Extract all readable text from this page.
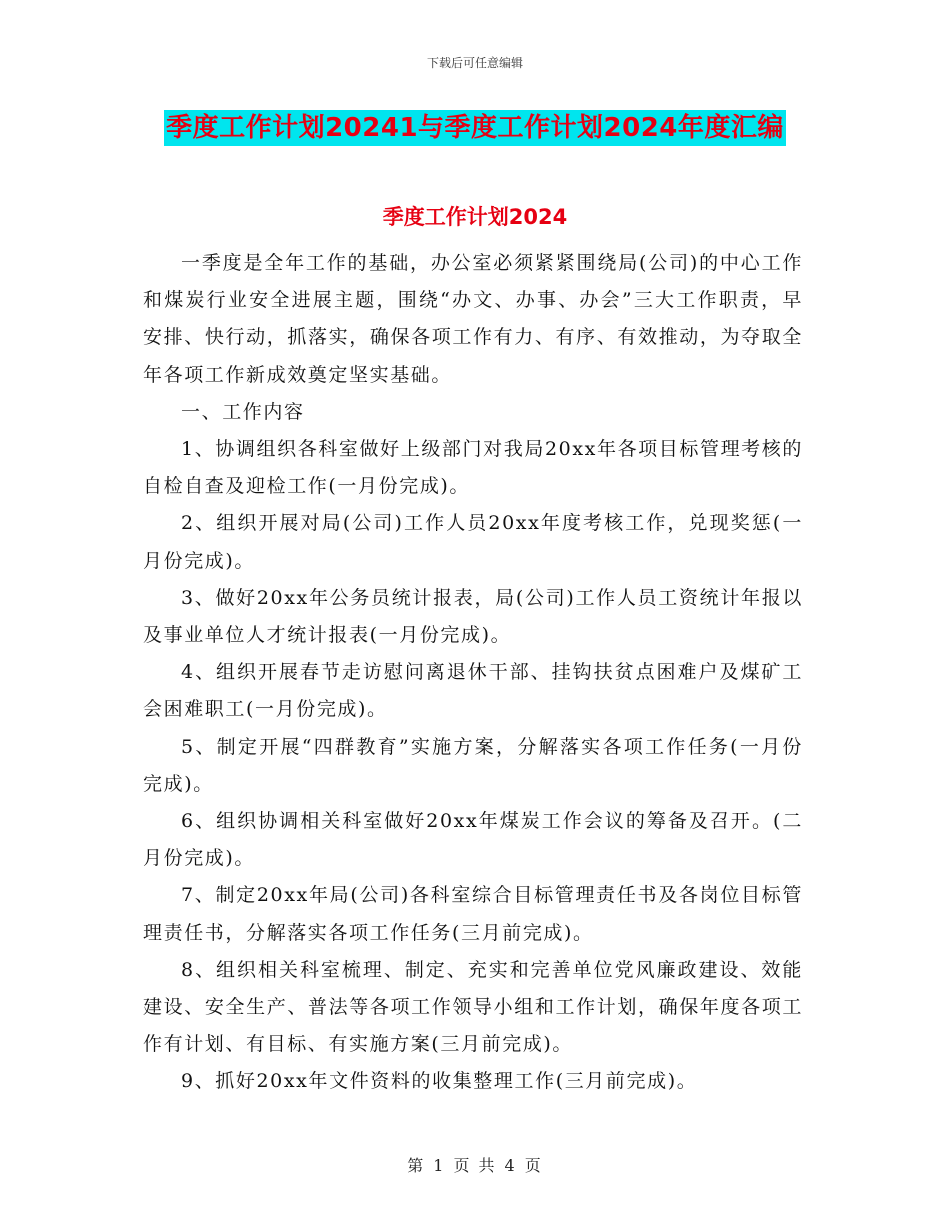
下载后可任意编辑
季度工作计划20241与季度工作计划2024年度汇编
季度工作计划2024

一季度是全年工作的基础，办公室必须紧紧围绕局(公司)的中心工作和煤炭行业安全进展主题，围绕“办文、办事、办会”三大工作职责，早安排、快行动，抓落实，确保各项工作有力、有序、有效推动，为夺取全年各项工作新成效奠定坚实基础。

一、工作内容

1、协调组织各科室做好上级部门对我局20xx年各项目标管理考核的自检自查及迎检工作(一月份完成)。

2、组织开展对局(公司)工作人员20xx年度考核工作，兑现奖惩(一月份完成)。

3、做好20xx年公务员统计报表，局(公司)工作人员工资统计年报以及事业单位人才统计报表(一月份完成)。

4、组织开展春节走访慰问离退休干部、挂钩扶贫点困难户及煤矿工会困难职工(一月份完成)。

5、制定开展“四群教育”实施方案，分解落实各项工作任务(一月份完成)。

6、组织协调相关科室做好20xx年煤炭工作会议的筹备及召开。(二月份完成)。

7、制定20xx年局(公司)各科室综合目标管理责任书及各岗位目标管理责任书，分解落实各项工作任务(三月前完成)。

8、组织相关科室梳理、制定、充实和完善单位党风廉政建设、效能建设、安全生产、普法等各项工作领导小组和工作计划，确保年度各项工作有计划、有目标、有实施方案(三月前完成)。

9、抓好20xx年文件资料的收集整理工作(三月前完成)。

第 1 页 共 4 页
